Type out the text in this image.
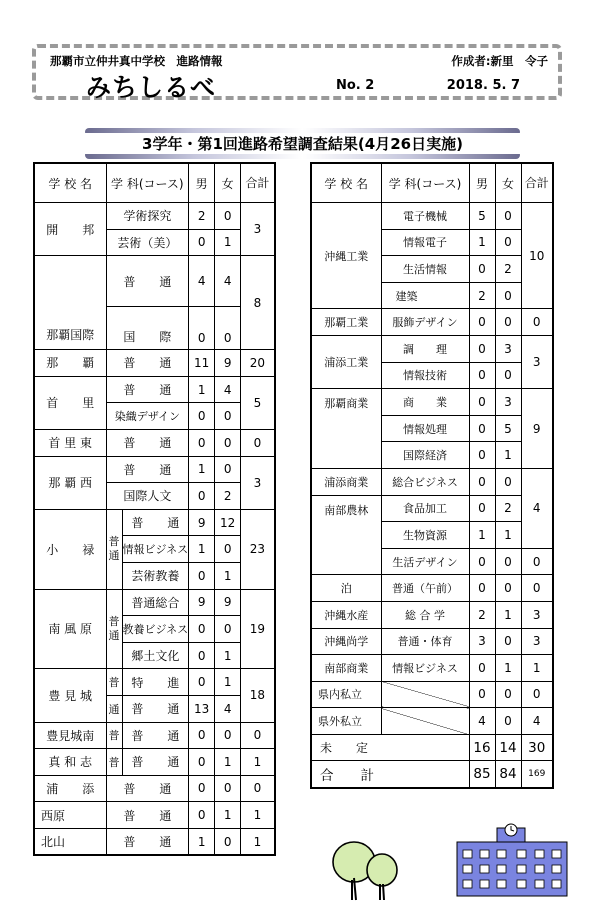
那覇市立仲井真中学校　進路情報	作成者:新里　令子
みちしるべ	No. 2	2018. 5. 7
3学年・第1回進路希望調査結果(4月26日実施)
学 校 名	学 科(コース)		男	女	合計
開　　邦	学術探究		2	0	3
	芸術（美）		0	1	
那覇国際	普　　通		4	4	8
	国　　際		0	0	
那　　覇	普　　通		11	9	20
首　　里	普　　通		1	4	5
	染織デザイン		0	0	
首 里 東	普　　通		0	0	0
那 覇 西	普　　通		1	0	3
	国際人文		0	2	
小　　禄	普通	普　　通	9	12	23
		情報ビジネス	1	0	
		芸術教養	0	1	
南 風 原	普通	普通総合	9	9	19
		教養ビジネス	0	0	
		郷土文化	0	1	
豊 見 城	普	特　　進	0	1	18
	通	普　　通	13	4	
豊見城南	普	普　　通	0	0	0
真 和 志	普	普　　通	0	1	1
浦　　添	普　　通		0	0	0
西原	普　　通		0	1	1
北山	普　　通		1	0	1
学 校 名	学 科(コース)	男	女	合計
沖縄工業	電子機械	5	0	10
	情報電子	1	0	
	生活情報	0	2	
	建築	2	0	
那覇工業	服飾デザイン	0	0	0
浦添工業	調　　理	0	3	3
	情報技術	0	0	
那覇商業	商　　業	0	3	9
	情報処理	0	5	
	国際経済	0	1	
浦添商業	総合ビジネス	0	0	4
南部農林	食品加工	0	2	
	生物資源	1	1	
	生活デザイン	0	0	0
泊	普通（午前）	0	0	0
沖縄水産	総 合 学	2	1	3
沖縄尚学	普通・体育	3	0	3
南部商業	情報ビジネス	0	1	1
県内私立		0	0	0
県外私立		4	0	4
未　　定		16	14	30
合　　計		85	84	169
